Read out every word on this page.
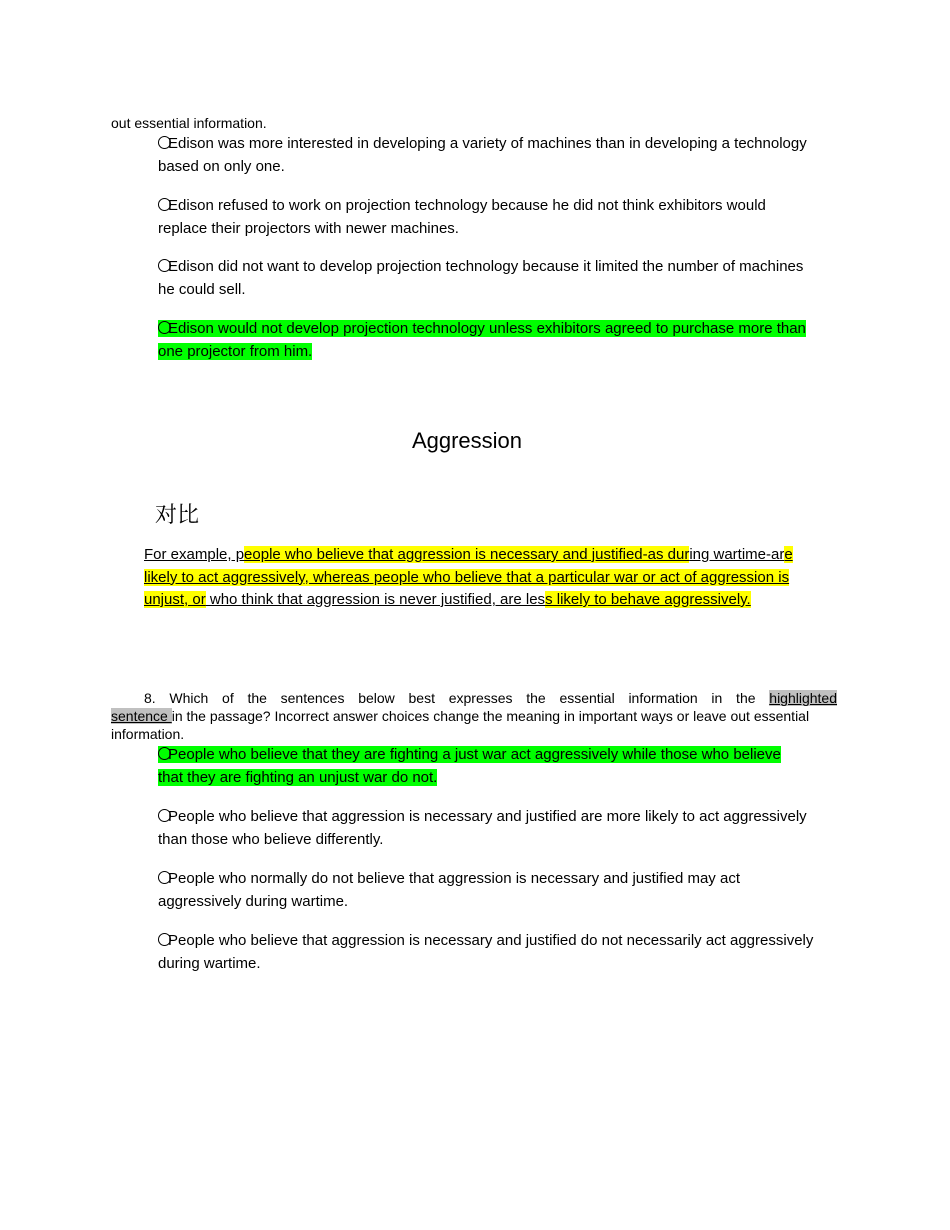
out essential information.
Edison was more interested in developing a variety of machines than in developing a technology based on only one.
Edison refused to work on projection technology because he did not think exhibitors would replace their projectors with newer machines.
Edison did not want to develop projection technology because it limited the number of machines he could sell.
Edison would not develop projection technology unless exhibitors agreed to purchase more than one projector from him.
Aggression
对比
For example, people who believe that aggression is necessary and justified-as during wartime-are likely to act aggressively, whereas people who believe that a particular war or act of aggression is unjust, or who think that aggression is never justified, are less likely to behave aggressively.
8. Which of the sentences below best expresses the essential information in the highlighted
sentence in the passage? Incorrect answer choices change the meaning in important ways or leave out essential information.
People who believe that they are fighting a just war act aggressively while those who believe that they are fighting an unjust war do not.
People who believe that aggression is necessary and justified are more likely to act aggressively than those who believe differently.
People who normally do not believe that aggression is necessary and justified may act aggressively during wartime.
People who believe that aggression is necessary and justified do not necessarily act aggressively during wartime.
